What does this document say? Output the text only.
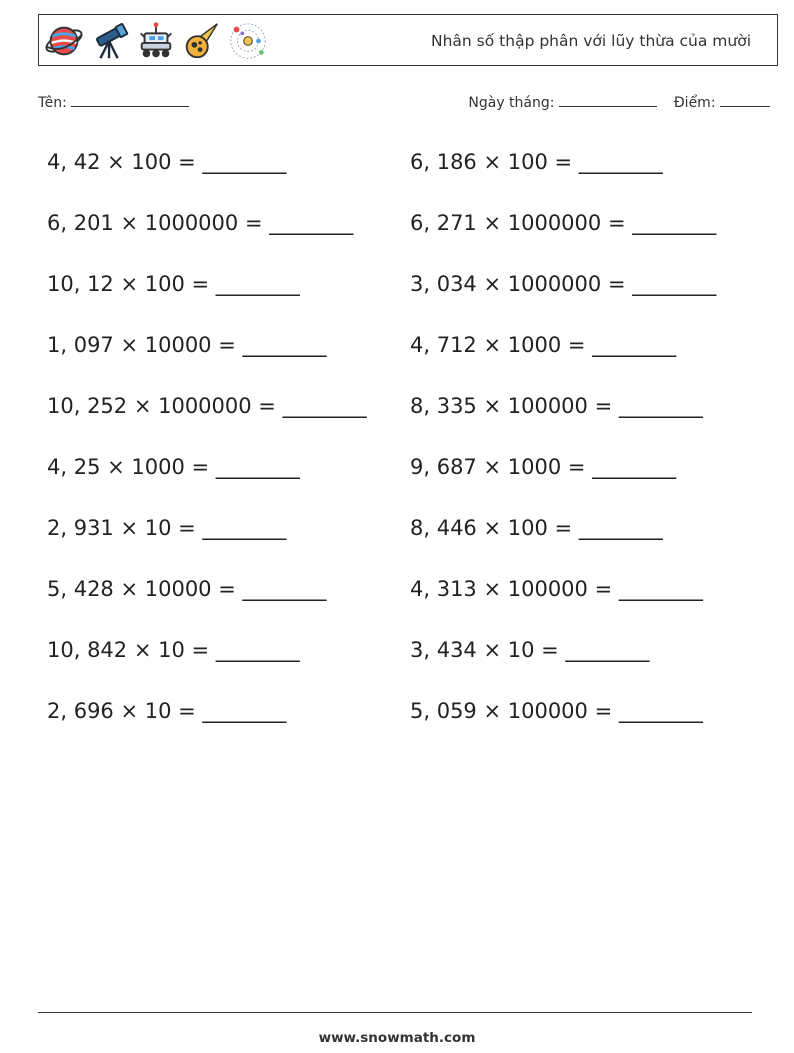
Nhân số thập phân với lũy thừa của mười
Tên:	Ngày tháng:	Điểm:
4, 42 × 100 = ________	6, 186 × 100 = ________
6, 201 × 1000000 = ________	6, 271 × 1000000 = ________
10, 12 × 100 = ________	3, 034 × 1000000 = ________
1, 097 × 10000 = ________	4, 712 × 1000 = ________
10, 252 × 1000000 = ________ 8, 335 × 100000 = ________
4, 25 × 1000 = ________	9, 687 × 1000 = ________
2, 931 × 10 = ________	8, 446 × 100 = ________
5, 428 × 10000 = ________	4, 313 × 100000 = ________
10, 842 × 10 = ________	3, 434 × 10 = ________
2, 696 × 10 = ________	5, 059 × 100000 = ________
www.snowmath.com
